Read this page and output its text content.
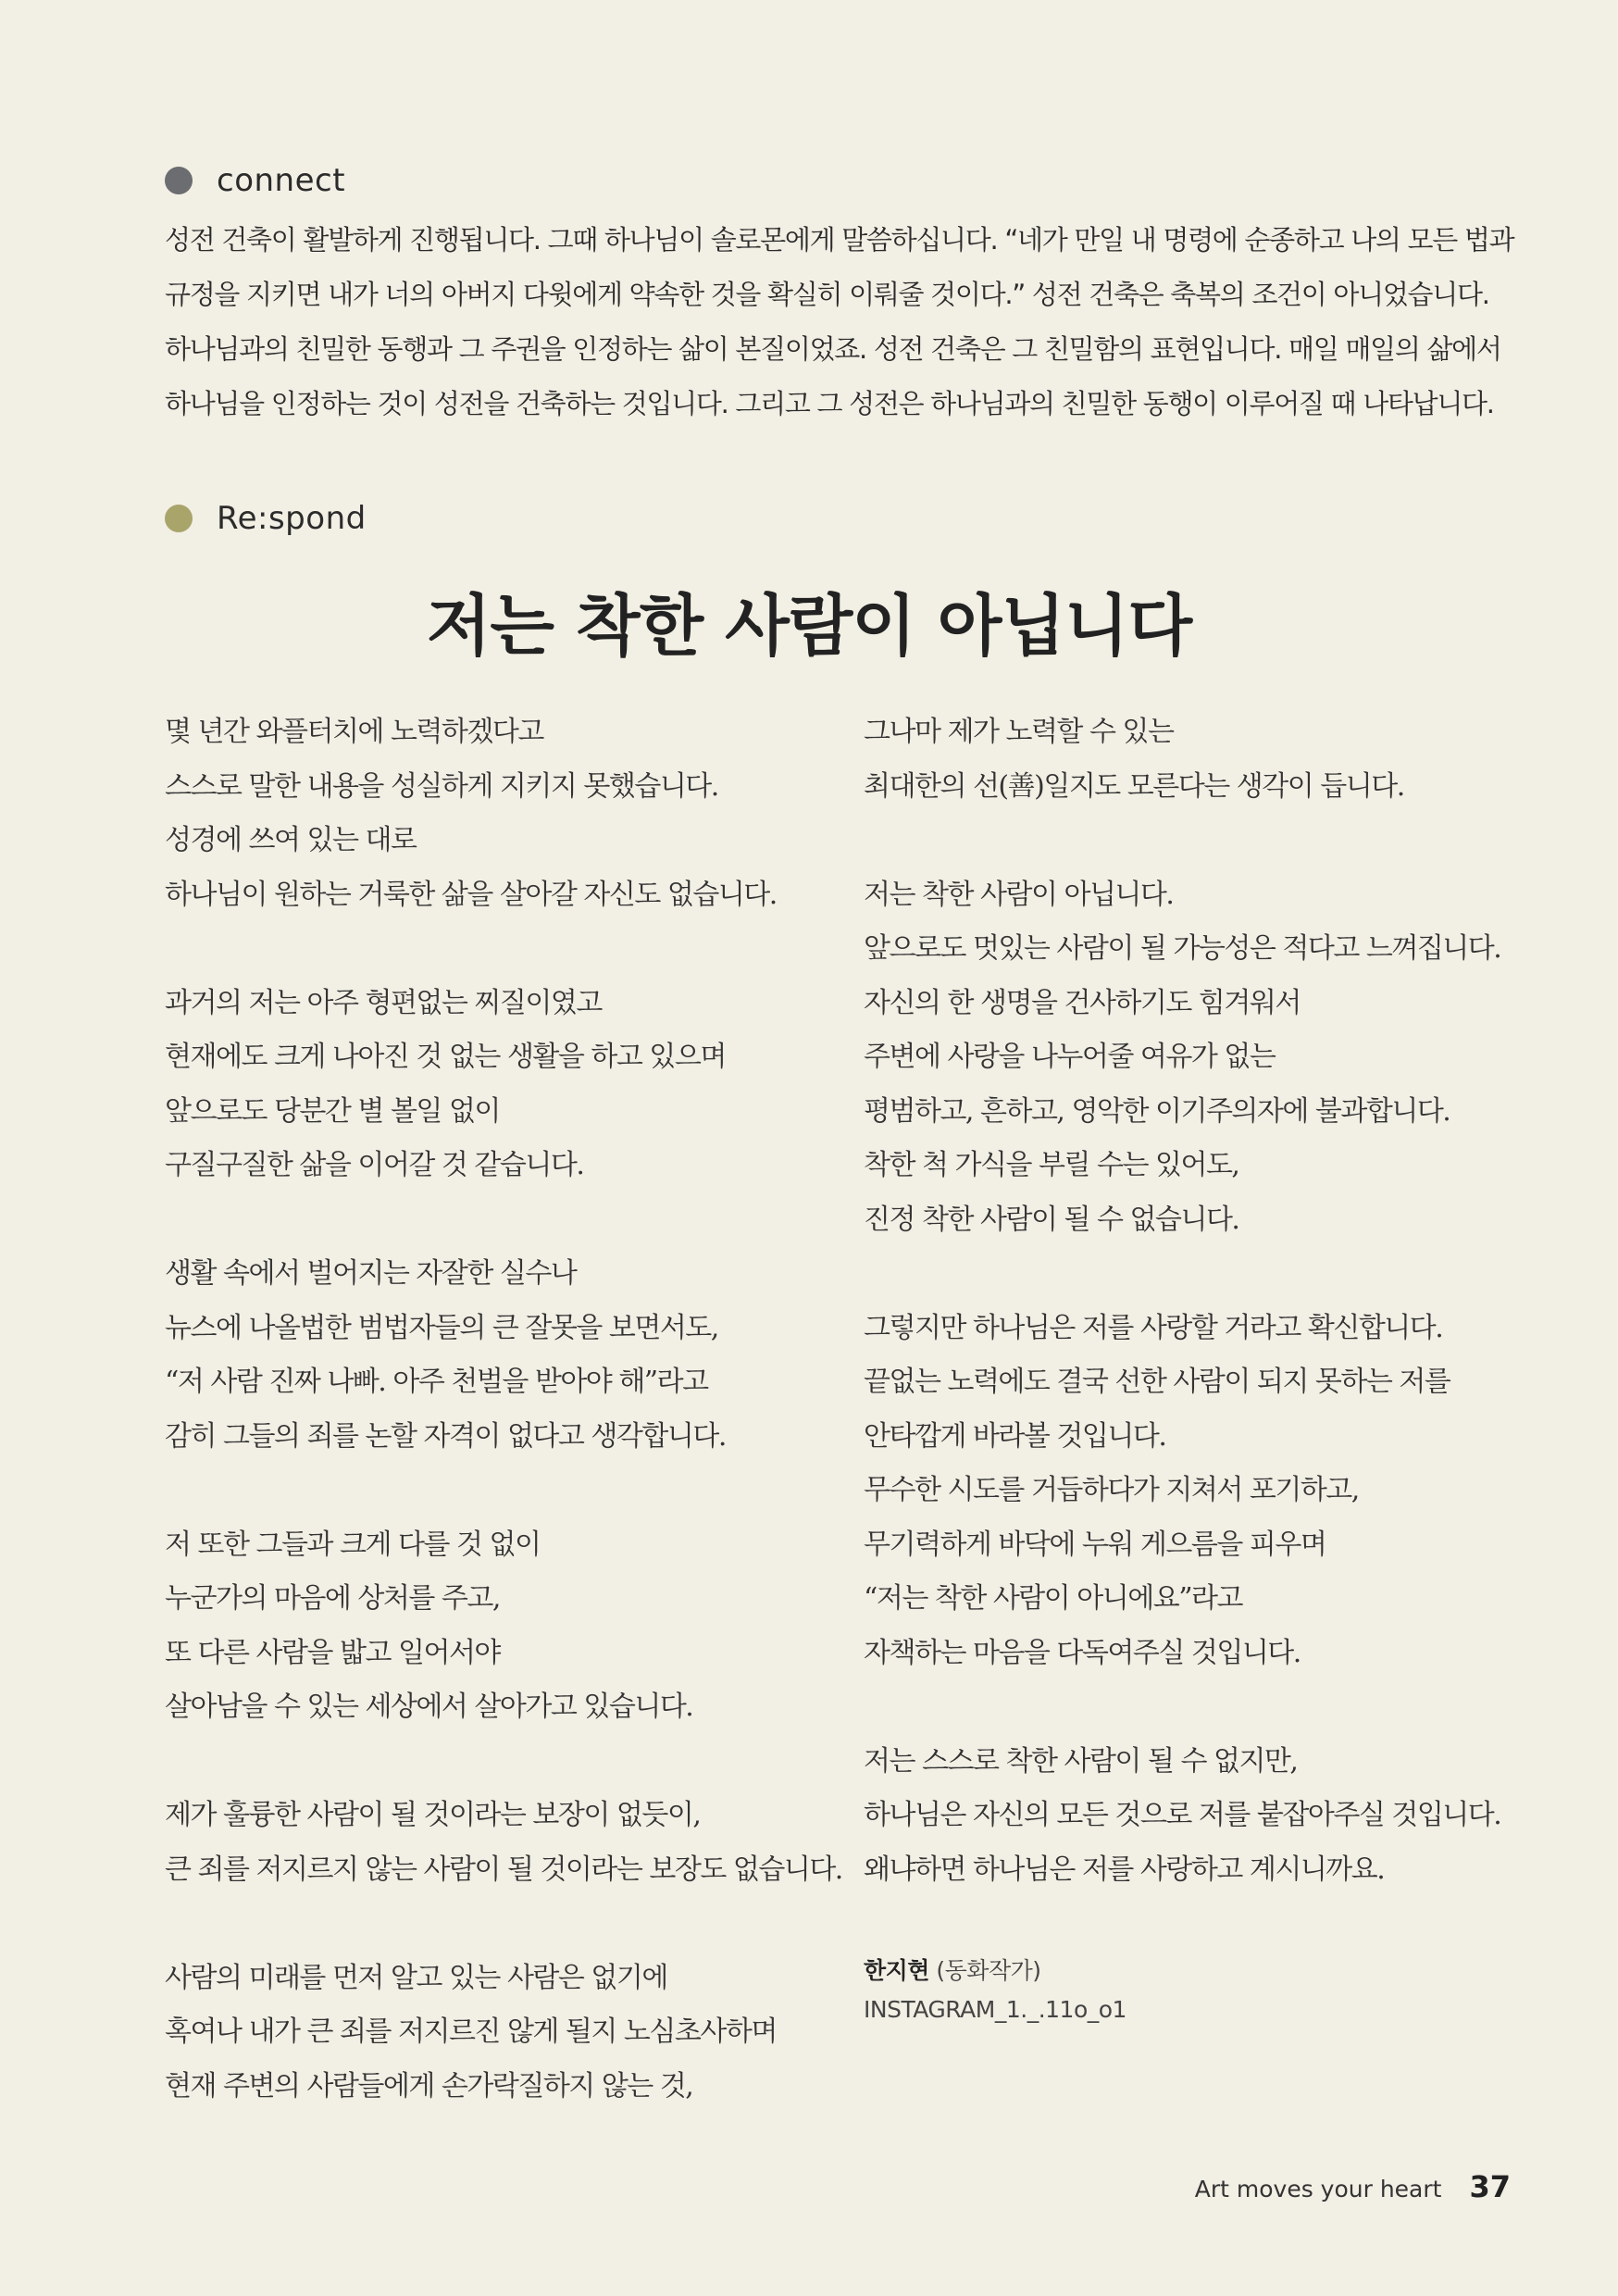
connect

성전 건축이 활발하게 진행됩니다. 그때 하나님이 솔로몬에게 말씀하십니다. “네가 만일 내 명령에 순종하고 나의 모든 법과
규정을 지키면 내가 너의 아버지 다윗에게 약속한 것을 확실히 이뤄줄 것이다.” 성전 건축은 축복의 조건이 아니었습니다.
하나님과의 친밀한 동행과 그 주권을 인정하는 삶이 본질이었죠. 성전 건축은 그 친밀함의 표현입니다. 매일 매일의 삶에서
하나님을 인정하는 것이 성전을 건축하는 것입니다. 그리고 그 성전은 하나님과의 친밀한 동행이 이루어질 때 나타납니다.

Re:spond
저는 착한 사람이 아닙니다

몇 년간 와플터치에 노력하겠다고
스스로 말한 내용을 성실하게 지키지 못했습니다.
성경에 쓰여 있는 대로
하나님이 원하는 거룩한 삶을 살아갈 자신도 없습니다.

과거의 저는 아주 형편없는 찌질이였고
현재에도 크게 나아진 것 없는 생활을 하고 있으며
앞으로도 당분간 별 볼일 없이
구질구질한 삶을 이어갈 것 같습니다.

생활 속에서 벌어지는 자잘한 실수나
뉴스에 나올법한 범법자들의 큰 잘못을 보면서도,
“저 사람 진짜 나빠. 아주 천벌을 받아야 해”라고
감히 그들의 죄를 논할 자격이 없다고 생각합니다.

저 또한 그들과 크게 다를 것 없이
누군가의 마음에 상처를 주고,
또 다른 사람을 밟고 일어서야
살아남을 수 있는 세상에서 살아가고 있습니다.

제가 훌륭한 사람이 될 것이라는 보장이 없듯이,
큰 죄를 저지르지 않는 사람이 될 것이라는 보장도 없습니다.

사람의 미래를 먼저 알고 있는 사람은 없기에
혹여나 내가 큰 죄를 저지르진 않게 될지 노심초사하며
현재 주변의 사람들에게 손가락질하지 않는 것,

그나마 제가 노력할 수 있는
최대한의 선(善)일지도 모른다는 생각이 듭니다.

저는 착한 사람이 아닙니다.
앞으로도 멋있는 사람이 될 가능성은 적다고 느껴집니다.
자신의 한 생명을 건사하기도 힘겨워서
주변에 사랑을 나누어줄 여유가 없는
평범하고, 흔하고, 영악한 이기주의자에 불과합니다.
착한 척 가식을 부릴 수는 있어도,
진정 착한 사람이 될 수 없습니다.

그렇지만 하나님은 저를 사랑할 거라고 확신합니다.
끝없는 노력에도 결국 선한 사람이 되지 못하는 저를
안타깝게 바라볼 것입니다.
무수한 시도를 거듭하다가 지쳐서 포기하고,
무기력하게 바닥에 누워 게으름을 피우며
“저는 착한 사람이 아니에요”라고
자책하는 마음을 다독여주실 것입니다.

저는 스스로 착한 사람이 될 수 없지만,
하나님은 자신의 모든 것으로 저를 붙잡아주실 것입니다.
왜냐하면 하나님은 저를 사랑하고 계시니까요.

한지현 (동화작가)
INSTAGRAM_1._.11o_o1
Art moves your heart 37
